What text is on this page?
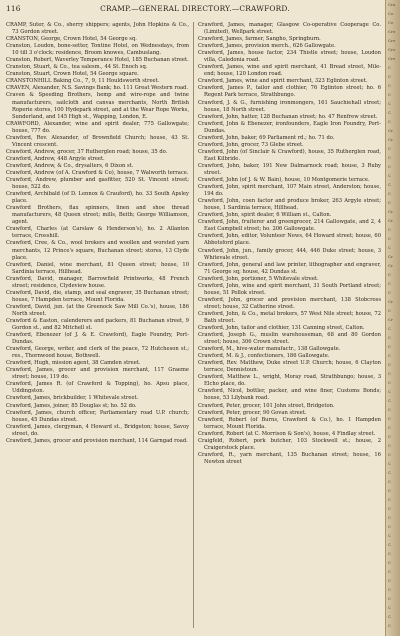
116	CRAMP.—GENERAL DIRECTORY.—CRAWFORD.

CRAMP, Suter, & Co., sherry shippers; agents, John Hopkins & Co., 73 Gordon street.

CRANSTON, George, Crown Hotel, 54 George sq.

Cranston, Loudon, bone-setter, Tontine Hotel, on Wednesdays, from 10 till 3 o'clock; residence, Broom knowes, Cambuslang.

Cranston, Robert, Waverley Temperance Hotel, 185 Buchanan street.

Cranston, Stuart, & Co., tea salesm., 44 St. Enoch sq.

Cranston, Stuart, Crown Hotel, 54 George square.

CRANSTONHILL Baking Co., 7, 9, 11 Houldsworth street.

CRAVEN, Alexander, N.S. Savings Bank; ho. 111 Great Western road.

Craven & Speeding Brothers, hemp and wire-rope and twine manufacturers, sailcloth and canvas merchants, North British Roperie stores, 100 Hydepark street, and at the Wear Rope Works, Sunderland, and 145 High st., Wapping, London, E.

CRAWFORD, Alexander, wine and spirit dealer, 775 Gallowgate; house, 777 do.

Crawford, Rev. Alexander, of Brownfield Church; house, 43 St. Vincent crescent.

Crawford, Andrew, grocer, 37 Rutherglen road; house, 35 do.

Crawford, Andrew, 448 Argyle street.

Crawford, Andrew, & Co., drysalters, 6 Dixon st.

Crawford, Andrew (of A. Crawford & Co), house, 7 Walworth terrace.

Crawford, Andrew, plumber and gasfitter, 520 St. Vincent street; house, 522 do.

Crawford, Archibald (of D. Lennox & Crauford), ho. 33 South Apsley place.

Crawford Brothers, flax spinners, linen and shoe thread manufacturers, 48 Queen street; mills, Beith; George Williamson, agent.

Crawford, Charles (at Carslaw & Henderson's), ho. 2 Allanton terrace, Crosshill.

Crawford, Cree, & Co., wool brokers and woollen and worsted yarn merchants, 12 Prince's square, Buchanan street; stores, 13 Clyde place.

Crawford, Daniel, wine merchant, 81 Queen street; house, 10 Sardinia terrace, Hillhead.

Crawford, David, manager, Barrowfield Printworks, 48 French street; residence, Clydeview house.

Crawford, David, die, stamp, and seal engraver, 35 Buchanan street; house, 7 Hampden terrace, Mount Florida.

Crawford, David, jun. (at the Greenock Saw Mill Co.'s), house, 186 North street.

Crawford & Easton, calenderers and packers, 81 Buchanan street, 9 Gordon st., and 82 Mitchell st.

Crawford, Ebenezer (of J. & E. Crawford), Eagle Foundry, Port-Dundas.

Crawford, George, writer, and clerk of the peace, 72 Hutcheson st.; res., Thornwood house, Bothwell.

Crawford, Hugh, mission agent, 38 Camden street.

Crawford, James, grocer and provision merchant, 117 Graeme street; house, 119 do.

Crawford, James R. (of Crawford & Topping), ho. Apsu place, Uddingston.

Crawford, James, brickbuilder, 1 Whitevale street.

Crawford, James, joiner, 85 Douglas st; ho. 52 do.

Crawford, James, church officer, Parliamentary road U.P. church; house, 45 Dundas street.

Crawford, James, clergyman, 4 Howard st., Bridgeton; house, Savoy street, do.

Crawford, James, grocer and provision merchant, 114 Garngad road.

Crawford, James, manager, Glasgow Co-operative Cooperage Co. (Limited), Wellpark street.

Crawford, James, farmer, Sangho, Springburn.

Crawford, James, provision merch., 626 Gallowgate.

Crawford, James, house factor, 234 Thistle street; house, Loudon villa, Caledonia road.

Crawford, James, wine and spirit merchant, 41 Bread street, Mile-end; house, 120 London road.

Crawford, James, wine and spirit merchant, 323 Eglinton street.

Crawford, James P., tailor and clothier, 76 Eglinton street; ho. 6 Regent Park terrace, Strathbungo.

Crawford, J. & G., furnishing ironmongers, 161 Sauchiehall street; house, 18 North street.

Crawford, John, hatter, 128 Buchanan street; ho. 47 Renfrew street.

Crawford, John & Ebenezer, ironfounders, Eagle Iron Foundry, Port-Dundas.

Crawford, John, baker, 69 Parliament rd.; ho. 71 do.

Crawford, John, grocer, 73 Glebe street.

Crawford, John (of Sinclair & Crawford), house, 35 Rutherglen road, East Kilbride.

Crawford, John, baker, 191 New Dalmarnock road; house, 3 Ruby street.

Crawford, John (of J. & W. Bain), house, 10 Montgomerie terrace.

Crawford, John, spirit merchant, 107 Main street, Anderston; house, 194 do.

Crawford, John, coen factor and produce broker, 263 Argyle street; house, 1 Sardinia terrace, Hillhead.

Crawford, John, spirit dealer, 6 William st., Calton.

Crawford, John, fruiterer and greengrocer, 214 Gallowgate, and 2, 4 East Campbell street; ho. 206 Gallowgate.

Crawford, John, editor, Volunteer News, 64 Howard street; house, 60 Abbotsford place.

Crawford, John, jun., family grocer, 444, 446 Duke street; house, 3 Whitevale street.

Crawford, John, general and law printer, lithographer and engraver, 71 George sq; house, 42 Dundas st.

Crawford, John, portioner, 5 Whitevale street.

Crawford, John, wine and spirit merchant, 31 South Portland street; house, 51 Pollok street.

Crawford, John, grocer and provision merchant, 138 Stobcross street; house, 32 Catherine street.

Crawford, John, & Co., metal brokers, 57 West Nile street; house, 72 Bath street.

Crawford, John, tailor and clothier, 131 Canning street, Calton.

Crawford, Joseph G., muslin warehouseman, 68 and 80 Gordon street; house, 306 Crown street.

Crawford, M., hive-water manufactr., 138 Gallowgate.

Crawford, M. & J., confectioners, 186 Gallowgate.

Crawford, Rev. Matthew, Duke street U.P. Church; house, 6 Clayton terrace, Dennistoun.

Crawford, Matthew L., wright, Moray road, Strathbungo; house, 3 Elcho place, do.

Crawford, Nicol, bottler, packer, and wine finer, Customs Bonds; house, 53 Lilybank road.

Crawford, Peter, grocer, 101 John street, Bridgeton.

Crawford, Peter, grocer, 90 Govan street.

Crawford, Robert (of Burns, Crawford & Co.), ho. 1 Hampden terrace, Mount Florida.

Crawford, Robert (at C. Morrison & Son's), house, 4 Findlay street.

Craigfeld, Robert, pork butcher, 103 Stockwell st.; house, 2 Craigerstock place.

Crawford, R., yarn merchant, 135 Buchanan street; house, 16 Newton street

Cra
Co
Ce
Cre
Cre
Cre
Cre
C
C
C
C
C
C
C
Cr
Cr
C
C
C
C
C
C
C
Cr
Cr
C
C
C
Cr
Cr
C
C
C
Cr
C
Cr
C
C
C
C
C
C
C
C
C
C
C
C
C
C
C
C
C
C
C
C
C
C
C
C
C
C
C
C
C
C
C
C
C
C
